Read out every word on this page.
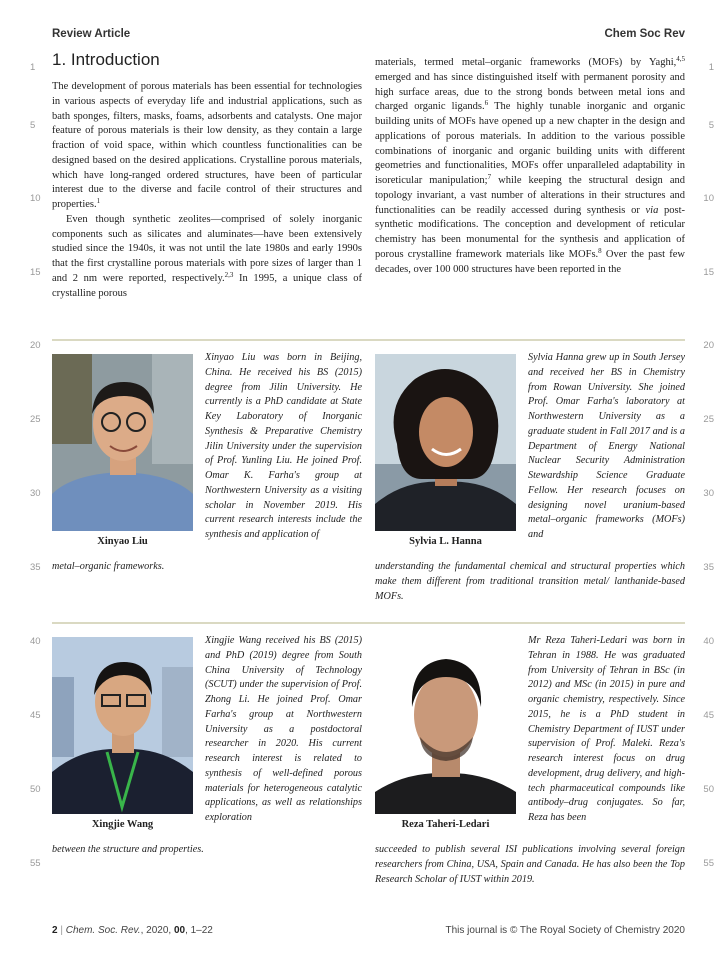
Review Article	Chem Soc Rev
1
5
10
15
20
25
30
35
40
45
50
55
1
5
10
15
20
25
30
35
40
45
50
55
1. Introduction

The development of porous materials has been essential for technologies in various aspects of everyday life and industrial applications, such as bath sponges, filters, masks, foams, adsorbents and catalysts. One major feature of porous materials is their low density, as they contain a large fraction of void space, within which countless functionalities can be designed based on the desired applications. Crystalline porous materials, which have long-ranged ordered structures, have been of particular interest due to the diverse and facile control of their structures and properties.$^1$

Even though synthetic zeolites—comprised of solely inorganic components such as silicates and aluminates—have been extensively studied since the 1940s, it was not until the late 1980s and early 1990s that the first crystalline porous materials with pore sizes of larger than 1 and 2 nm were reported, respectively.$^{2,3}$ In 1995, a unique class of crystalline porous

materials, termed metal–organic frameworks (MOFs) by Yaghi,$^{4,5}$ emerged and has since distinguished itself with permanent porosity and high surface areas, due to the strong bonds between metal ions and charged organic ligands.$^6$ The highly tunable inorganic and organic building units of MOFs have opened up a new chapter in the design and applications of porous materials. In addition to the various possible combinations of inorganic and organic building units with different geometries and functionalities, MOFs offer unparalleled adaptability in isoreticular manipulation;$^7$ while keeping the structural design and topology invariant, a vast number of alterations in their structures and functionalities can be readily accessed during synthesis or via post-synthetic modifications. The conception and development of reticular chemistry has been monumental for the synthesis and application of porous crystalline framework materials like MOFs.$^8$ Over the past few decades, over 100 000 structures have been reported in the

Xinyao Liu
Xinyao Liu was born in Beijing, China. He received his BS (2015) degree from Jilin University. He currently is a PhD candidate at State Key Laboratory of Inorganic Synthesis & Preparative Chemistry Jilin University under the supervision of Prof. Yunling Liu. He joined Prof. Omar K. Farha's group at Northwestern University as a visiting scholar in November 2019. His current research interests include the synthesis and application of
metal–organic frameworks.
Sylvia L. Hanna
Sylvia Hanna grew up in South Jersey and received her BS in Chemistry from Rowan University. She joined Prof. Omar Farha's laboratory at Northwestern University as a graduate student in Fall 2017 and is a Department of Energy National Nuclear Security Administration Stewardship Science Graduate Fellow. Her research focuses on designing novel uranium-based metal–organic frameworks (MOFs) and
understanding the fundamental chemical and structural properties which make them different from traditional transition metal/ lanthanide-based MOFs.
Xingjie Wang
Xingjie Wang received his BS (2015) and PhD (2019) degree from South China University of Technology (SCUT) under the supervision of Prof. Zhong Li. He joined Prof. Omar Farha's group at Northwestern University as a postdoctoral researcher in 2020. His current research interest is related to synthesis of well-defined porous materials for heterogeneous catalytic applications, as well as relationships exploration
between the structure and properties.
Reza Taheri-Ledari
Mr Reza Taheri-Ledari was born in Tehran in 1988. He was graduated from University of Tehran in BSc (in 2012) and MSc (in 2015) in pure and organic chemistry, respectively. Since 2015, he is a PhD student in Chemistry Department of IUST under supervision of Prof. Maleki. Reza's research interest focus on drug development, drug delivery, and high-tech pharmaceutical compounds like antibody–drug conjugates. So far, Reza has been
succeeded to publish several ISI publications involving several foreign researchers from China, USA, Spain and Canada. He has also been the Top Research Scholar of IUST within 2019.
2 | Chem. Soc. Rev., 2020, 00, 1–22	This journal is © The Royal Society of Chemistry 2020
